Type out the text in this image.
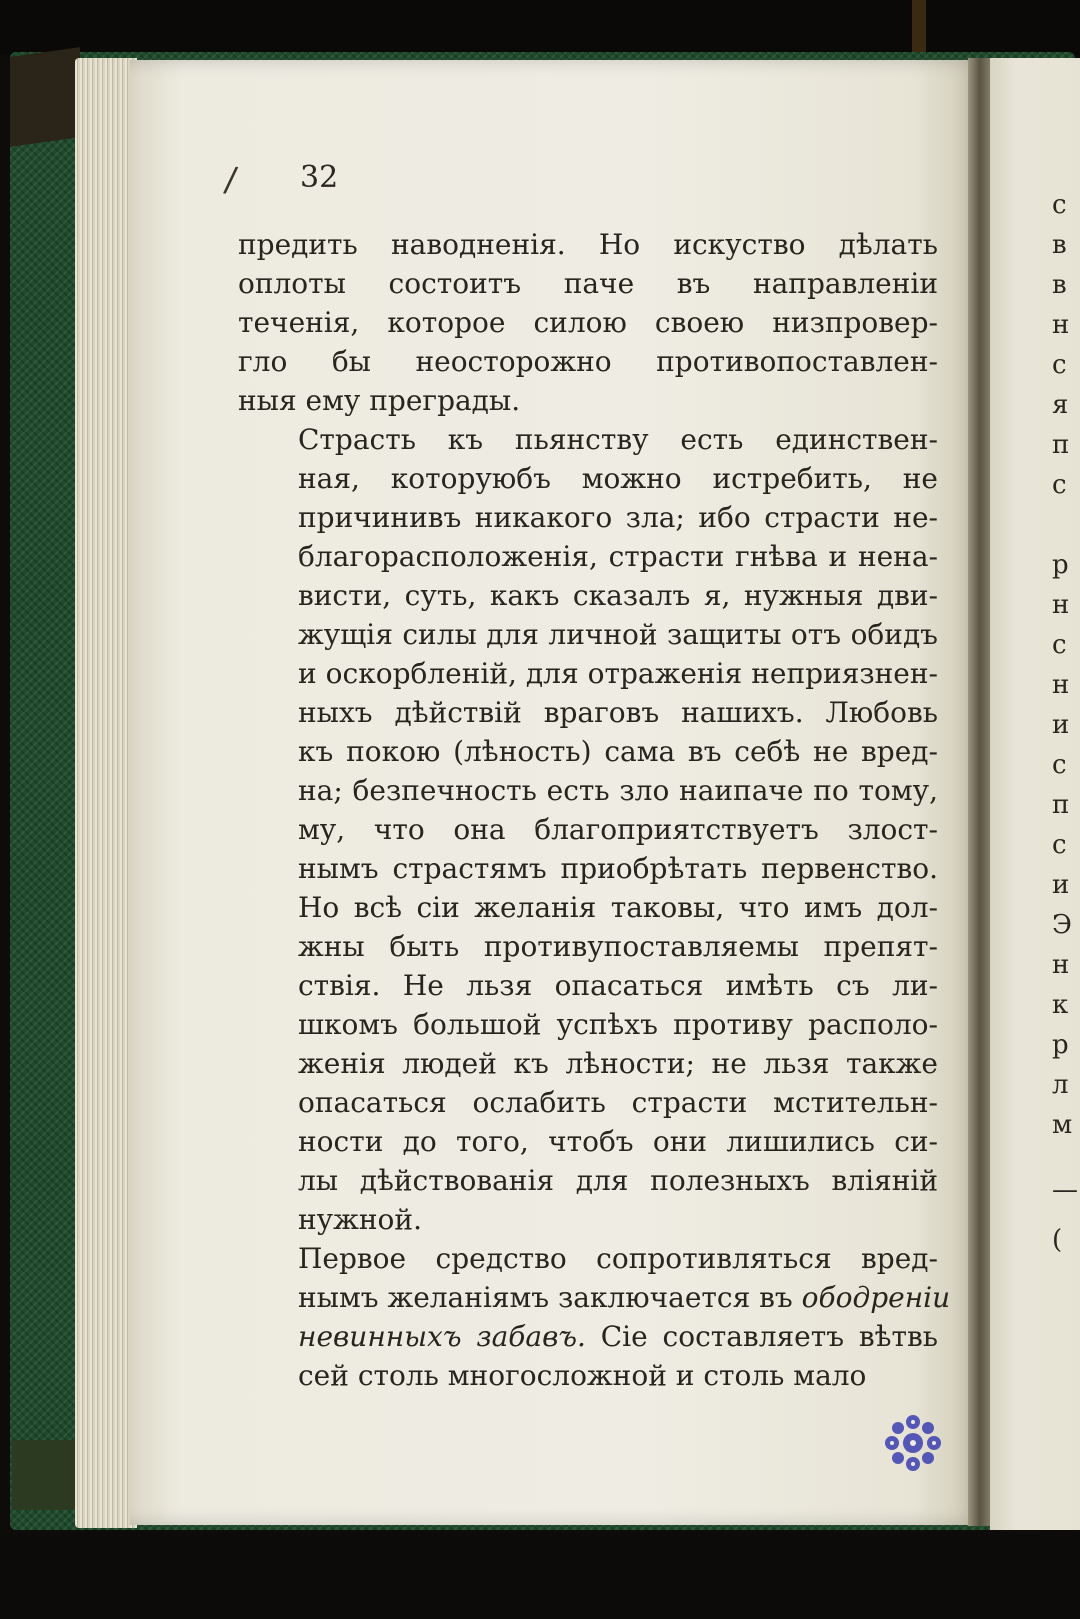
/ 32

предить наводненія. Но искуство дѣлать
оплоты состоитъ паче въ направленіи
теченія, которое силою своею низпровер-
гло бы неосторожно противопоставлен-
ныя ему преграды.

Страсть къ пьянству есть единствен-
ная, которуюбъ можно истребить, не
причинивъ никакого зла; ибо страсти не-
благорасположенія, страсти гнѣва и нена-
висти, суть, какъ сказалъ я, нужныя дви-
жущія силы для личной защиты отъ обидъ
и оскорбленій, для отраженія неприязнен-
ныхъ дѣйствій враговъ нашихъ. Любовь
къ покою (лѣность) сама въ себѣ не вред-
на; безпечность есть зло наипаче по тому,
му, что она благоприятствуетъ злост-
нымъ страстямъ приобрѣтать первенство.
Но всѣ сіи желанія таковы, что имъ дол-
жны быть противупоставляемы препят-
ствія. Не льзя опасаться имѣть съ ли-
шкомъ большой успѣхъ противу располо-
женія людей къ лѣности; не льзя также
опасаться ослабить страсти мстительн-
ности до того, чтобъ они лишились си-
лы дѣйствованія для полезныхъ вліяній
нужной.

Первое средство сопротивляться вред-
нымъ желаніямъ заключается въ ободреніи
невинныхъ забавъ. Сіе составляетъ вѣтвь
сей столь многосложной и столь мало

с
в
в
н
с
я
п
с
р
н
с
н
и
с
п
с
и
Э
н
к
р
л
м
—
(
